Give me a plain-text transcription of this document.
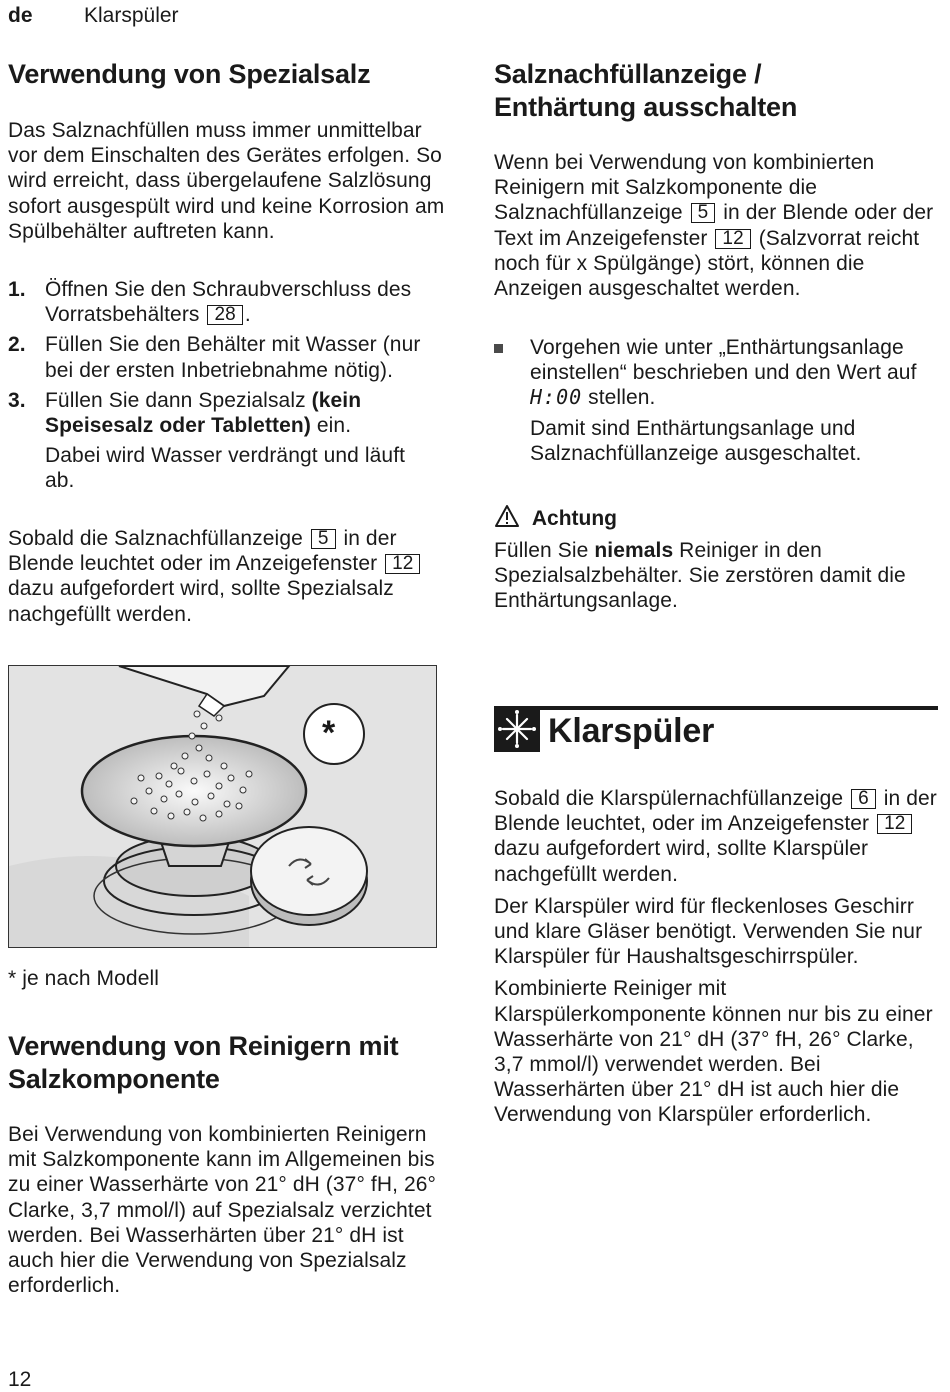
de Klarspüler
Verwendung von Spezialsalz

Das Salznachfüllen muss immer unmittelbar vor dem Einschalten des Gerätes erfolgen. So wird erreicht, dass übergelaufene Salzlösung sofort ausgespült wird und keine Korrosion am Spülbehälter auftreten kann.

1. Öffnen Sie den Schraubverschluss des Vorratsbehälters 28 .
2. Füllen Sie den Behälter mit Wasser (nur bei der ersten Inbetriebnahme nötig).
3. Füllen Sie dann Spezialsalz (kein Speisesalz oder Tabletten) ein.
Dabei wird Wasser verdrängt und läuft ab.

Sobald die Salznachfüllanzeige 5 in der Blende leuchtet oder im Anzeigefenster 12 dazu aufgefordert wird, sollte Spezialsalz nachgefüllt werden.

*

* je nach Modell

Verwendung von Reinigern mit Salzkomponente

Bei Verwendung von kombinierten Reinigern mit Salzkomponente kann im Allgemeinen bis zu einer Wasserhärte von 21° dH (37° fH, 26° Clarke, 3,7 mmol/l) auf Spezialsalz verzichtet werden. Bei Wasserhärten über 21° dH ist auch hier die Verwendung von Spezialsalz erforderlich.

Salznachfüllanzeige / Enthärtung ausschalten

Wenn bei Verwendung von kombinierten Reinigern mit Salzkomponente die Salznachfüllanzeige 5 in der Blende oder der Text im Anzeigefenster 12 (Salzvorrat reicht noch für x Spülgänge) stört, können die Anzeigen ausgeschaltet werden.

Vorgehen wie unter „Enthärtungsanlage einstellen“ beschrieben und den Wert auf H:00 stellen.
Damit sind Enthärtungsanlage und Salznachfüllanzeige ausgeschaltet.
Achtung

Füllen Sie niemals Reiniger in den Spezialsalzbehälter. Sie zerstören damit die Enthärtungsanlage.

Klarspüler

Sobald die Klarspülernachfüllanzeige 6 in der Blende leuchtet, oder im Anzeigefenster 12 dazu aufgefordert wird, sollte Klarspüler nachgefüllt werden.

Der Klarspüler wird für fleckenloses Geschirr und klare Gläser benötigt. Verwenden Sie nur Klarspüler für Haushaltsgeschirrspüler.

Kombinierte Reiniger mit Klarspülerkomponente können nur bis zu einer Wasserhärte von 21° dH (37° fH, 26° Clarke, 3,7 mmol/l) verwendet werden. Bei Wasserhärten über 21° dH ist auch hier die Verwendung von Klarspüler erforderlich.

12
